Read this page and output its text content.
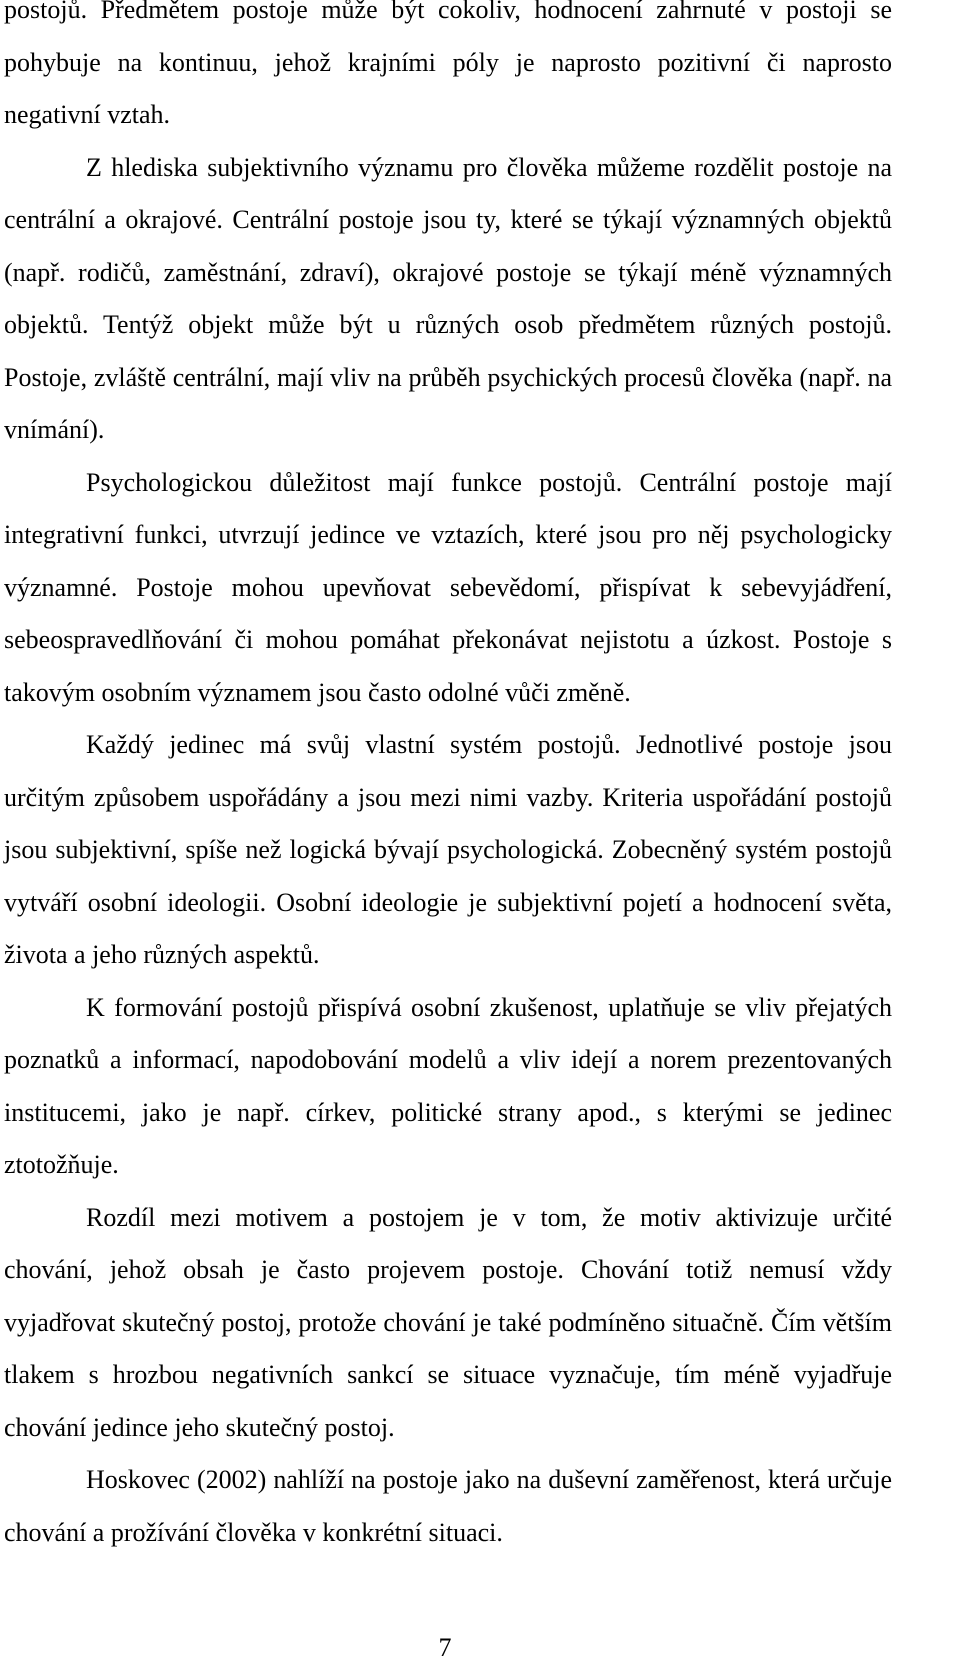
postojů. Předmětem postoje může být cokoliv, hodnocení zahrnuté v postoji se pohybuje na kontinuu, jehož krajními póly je naprosto pozitivní či naprosto negativní vztah.

Z hlediska subjektivního významu pro člověka můžeme rozdělit postoje na centrální a okrajové. Centrální postoje jsou ty, které se týkají významných objektů (např. rodičů, zaměstnání, zdraví), okrajové postoje se týkají méně významných objektů. Tentýž objekt může být u různých osob předmětem různých postojů. Postoje, zvláště centrální, mají vliv na průběh psychických procesů člověka (např. na vnímání).

Psychologickou důležitost mají funkce postojů. Centrální postoje mají integrativní funkci, utvrzují jedince ve vztazích, které jsou pro něj psychologicky významné. Postoje mohou upevňovat sebevědomí, přispívat k sebevyjádření, sebeospravedlňování či mohou pomáhat překonávat nejistotu a úzkost. Postoje s takovým osobním významem jsou často odolné vůči změně.

Každý jedinec má svůj vlastní systém postojů. Jednotlivé postoje jsou určitým způsobem uspořádány a jsou mezi nimi vazby. Kriteria uspořádání postojů jsou subjektivní, spíše než logická bývají psychologická. Zobecněný systém postojů vytváří osobní ideologii. Osobní ideologie je subjektivní pojetí a hodnocení světa, života a jeho různých aspektů.

K formování postojů přispívá osobní zkušenost, uplatňuje se vliv přejatých poznatků a informací, napodobování modelů a vliv idejí a norem prezentovaných institucemi, jako je např. církev, politické strany apod., s kterými se jedinec ztotožňuje.

Rozdíl mezi motivem a postojem je v tom, že motiv aktivizuje určité chování, jehož obsah je často projevem postoje. Chování totiž nemusí vždy vyjadřovat skutečný postoj, protože chování je také podmíněno situačně. Čím větším tlakem s hrozbou negativních sankcí se situace vyznačuje, tím méně vyjadřuje chování jedince jeho skutečný postoj.

Hoskovec (2002) nahlíží na postoje jako na duševní zaměřenost, která určuje chování a prožívání člověka v konkrétní situaci.

7
